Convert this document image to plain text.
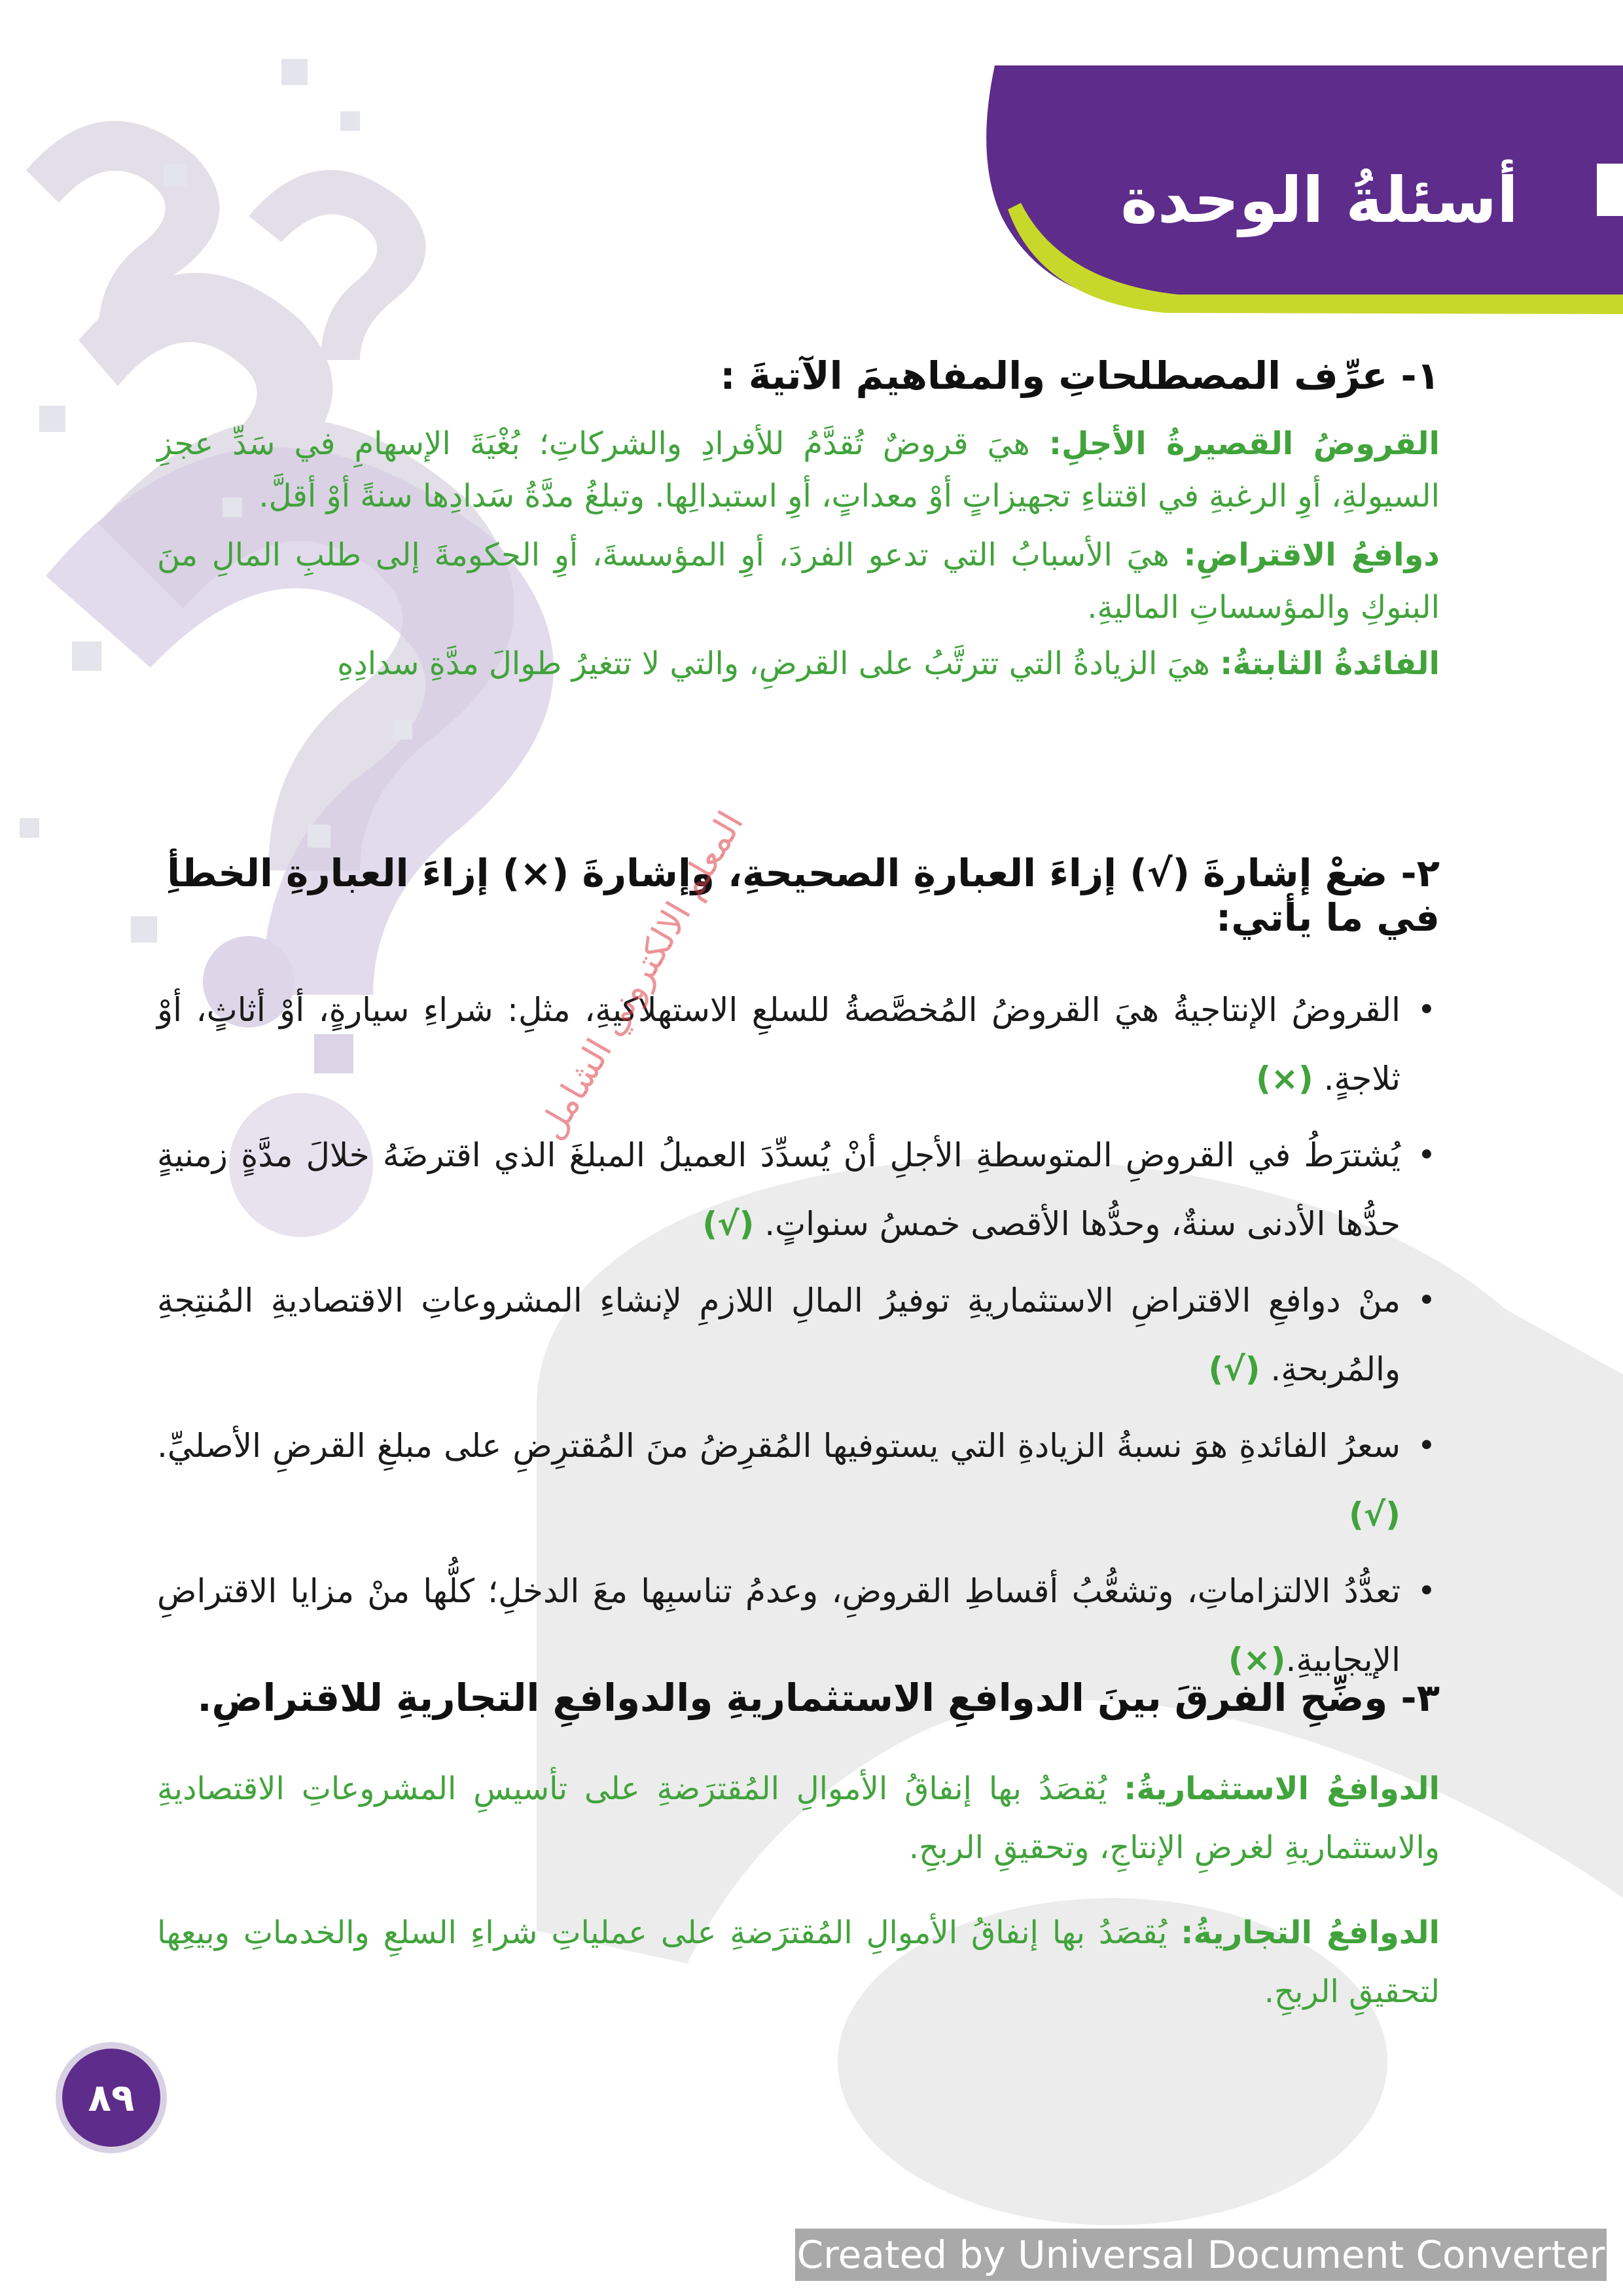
أسئلةُ الوحدة
١- عرِّف المصطلحاتِ والمفاهيمَ الآتيةَ :
القروضُ القصيرةُ الأجلِ: هيَ قروضٌ تُقدَّمُ للأفرادِ والشركاتِ؛ بُغْيَةَ الإسهامِ في سَدِّ عجزِ السيولةِ، أوِ الرغبةِ في اقتناءِ تجهيزاتٍ أوْ معداتٍ، أوِ استبدالِها. وتبلغُ مدَّةُ سَدادِها سنةً أوْ أقلَّ.
دوافعُ الاقتراضِ: هيَ الأسبابُ التي تدعو الفردَ، أوِ المؤسسةَ، أوِ الحكومةَ إلى طلبِ المالِ منَ البنوكِ والمؤسساتِ الماليةِ.
الفائدةُ الثابتةُ: هيَ الزيادةُ التي تترتَّبُ على القرضِ، والتي لا تتغيرُ طوالَ مدَّةِ سدادِهِ
٢- ضعْ إشارةَ (√) إزاءَ العبارةِ الصحيحةِ، وإشارةَ (×) إزاءَ العبارةِ الخطأِ في ما يأتي:
• القروضُ الإنتاجيةُ هيَ القروضُ المُخصَّصةُ للسلعِ الاستهلاكيةِ، مثلِ: شراءِ سيارةٍ، أوْ أثاثٍ، أوْ ثلاجةٍ. (×)
• يُشترَطُ في القروضِ المتوسطةِ الأجلِ أنْ يُسدِّدَ العميلُ المبلغَ الذي اقترضَهُ خلالَ مدَّةٍ زمنيةٍ حدُّها الأدنى سنةٌ، وحدُّها الأقصى خمسُ سنواتٍ. (√)
• منْ دوافعِ الاقتراضِ الاستثماريةِ توفيرُ المالِ اللازمِ لإنشاءِ المشروعاتِ الاقتصاديةِ المُنتِجةِ والمُربحةِ. (√)
• سعرُ الفائدةِ هوَ نسبةُ الزيادةِ التي يستوفيها المُقرِضُ منَ المُقترِضِ على مبلغِ القرضِ الأصليِّ. (√)
• تعدُّدُ الالتزاماتِ، وتشعُّبُ أقساطِ القروضِ، وعدمُ تناسبِها معَ الدخلِ؛ كلُّها منْ مزايا الاقتراضِ الإيجابيةِ.(×)
٣- وضِّحِ الفرقَ بينَ الدوافعِ الاستثماريةِ والدوافعِ التجاريةِ للاقتراضِ.
الدوافعُ الاستثماريةُ: يُقصَدُ بها إنفاقُ الأموالِ المُقترَضةِ على تأسيسِ المشروعاتِ الاقتصاديةِ والاستثماريةِ لغرضِ الإنتاجِ، وتحقيقِ الربحِ.
الدوافعُ التجاريةُ: يُقصَدُ بها إنفاقُ الأموالِ المُقترَضةِ على عملياتِ شراءِ السلعِ والخدماتِ وبيعِها لتحقيقِ الربحِ.
المعلم الالكتروني الشامل
٨٩
Created by Universal Document Converter
